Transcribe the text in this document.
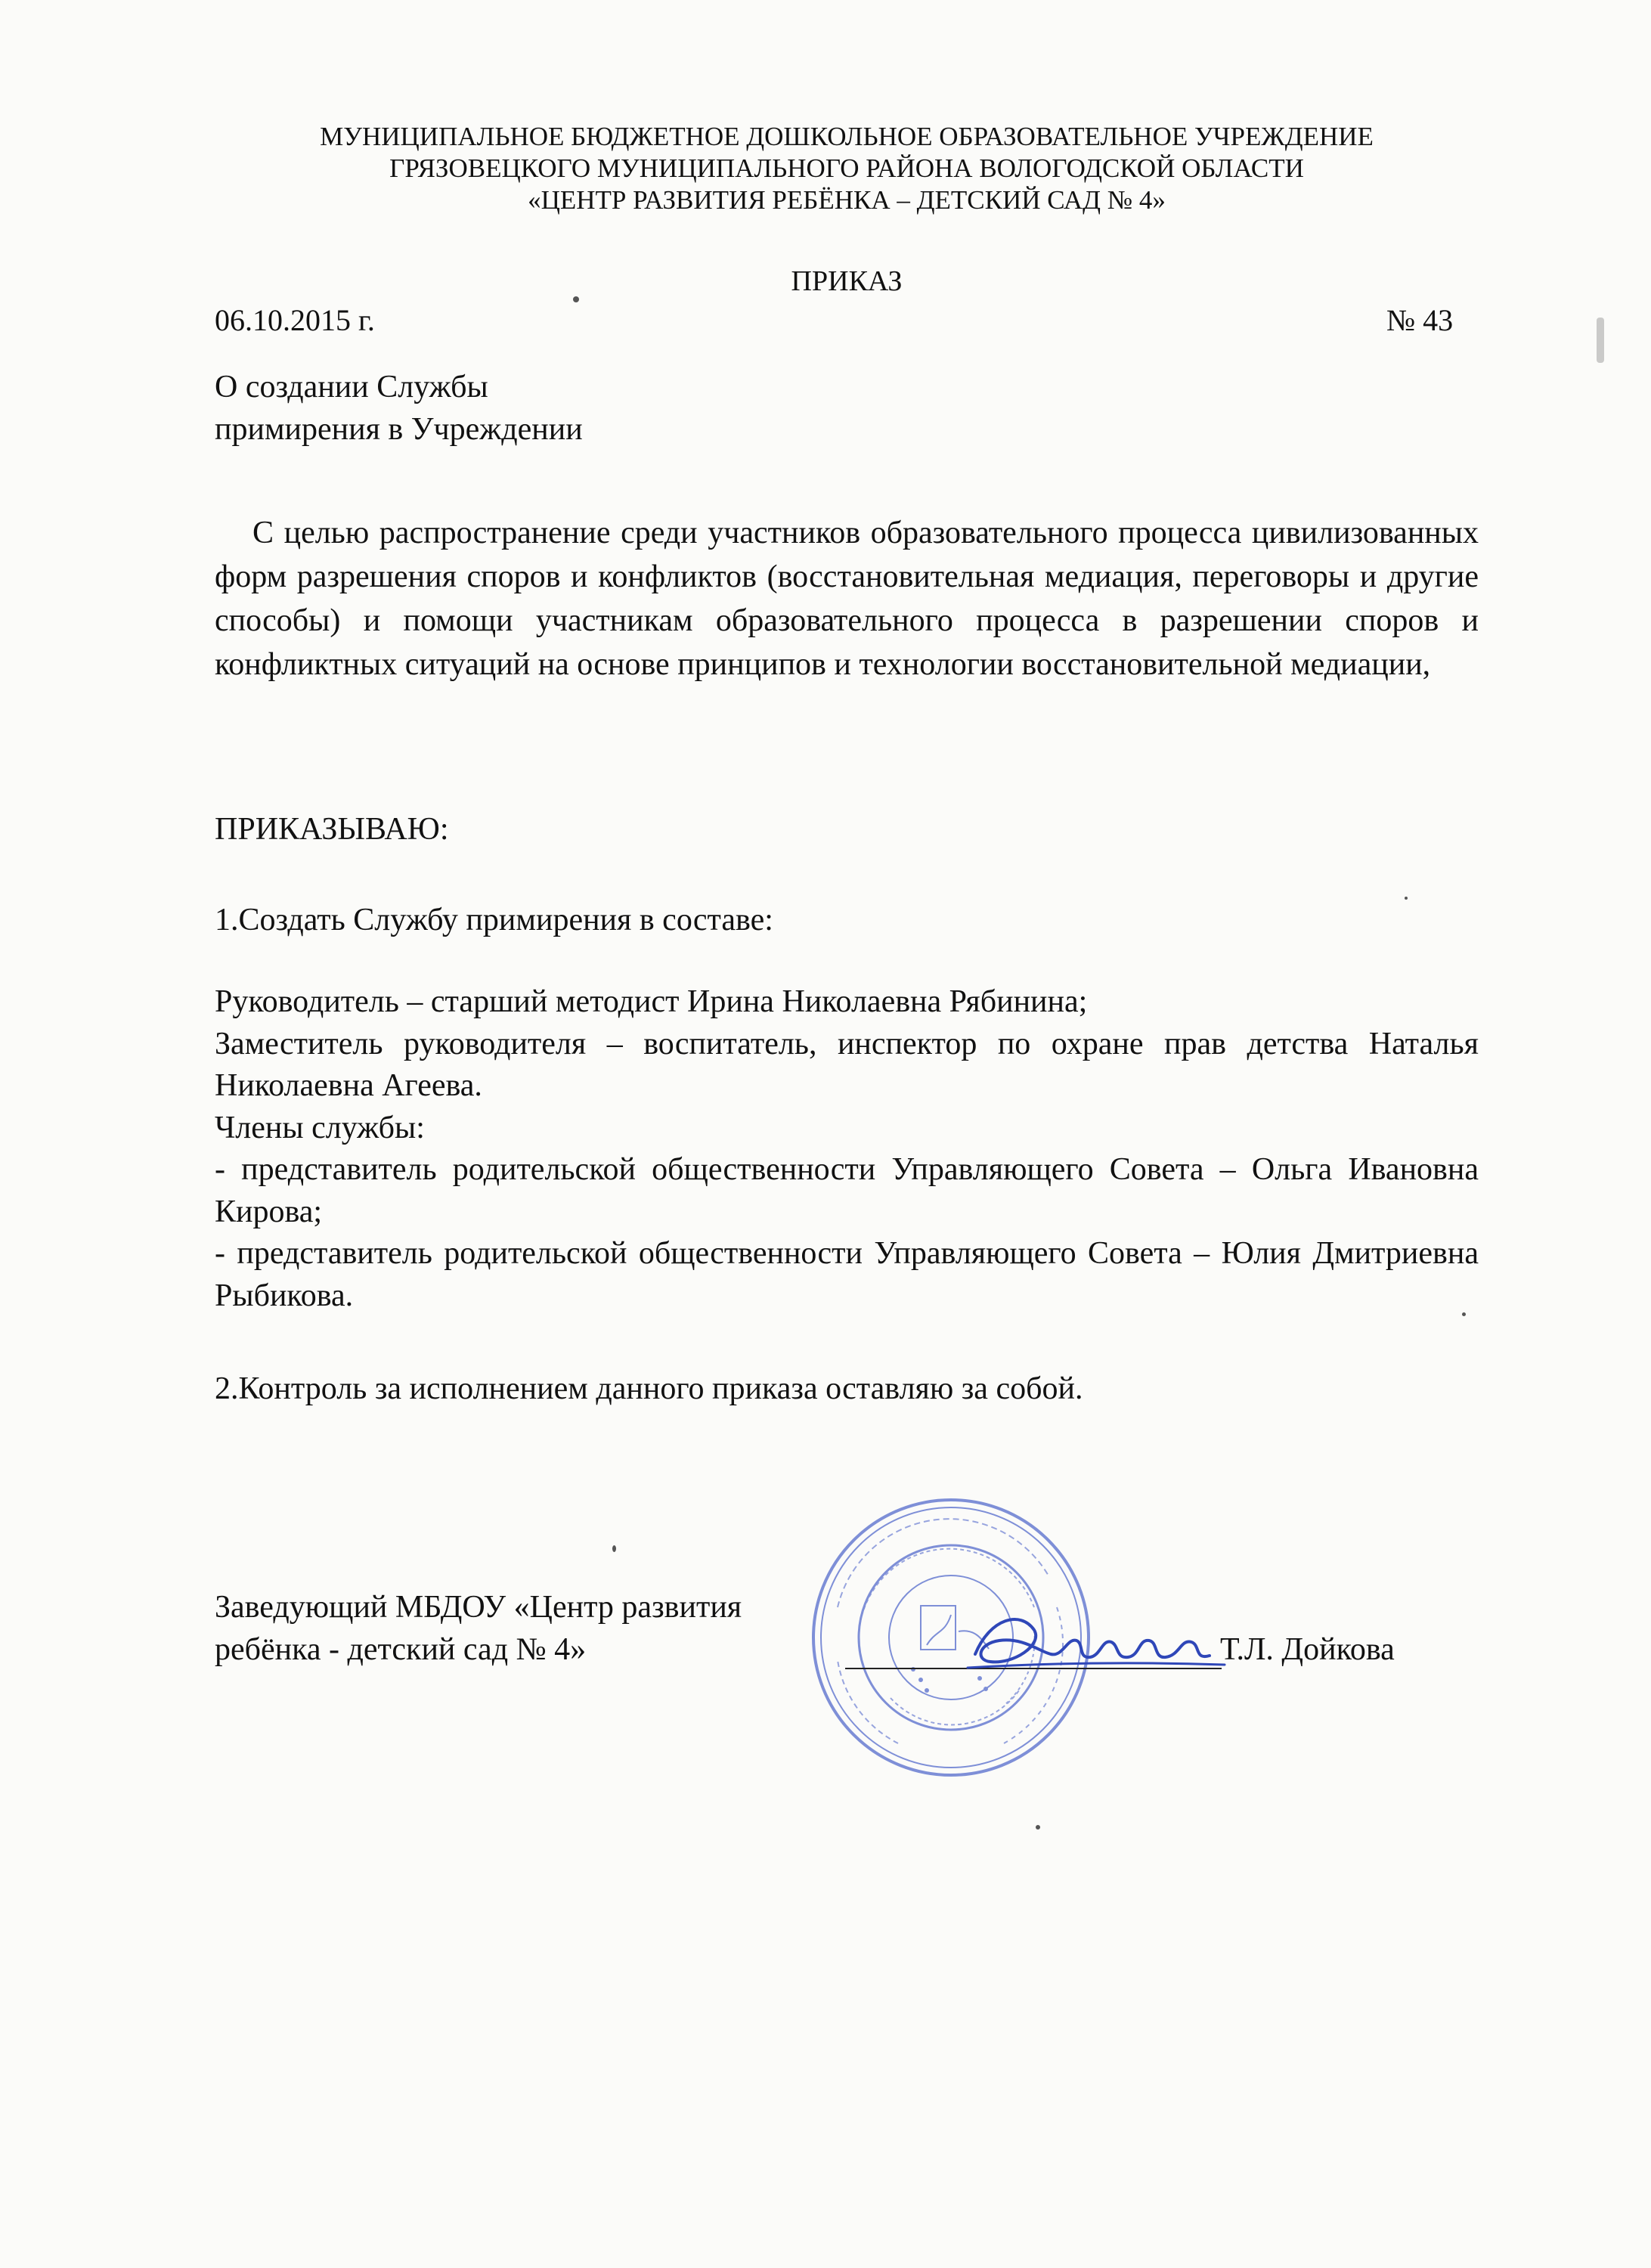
МУНИЦИПАЛЬНОЕ БЮДЖЕТНОЕ ДОШКОЛЬНОЕ ОБРАЗОВАТЕЛЬНОЕ УЧРЕЖДЕНИЕ
ГРЯЗОВЕЦКОГО МУНИЦИПАЛЬНОГО РАЙОНА ВОЛОГОДСКОЙ ОБЛАСТИ
«ЦЕНТР РАЗВИТИЯ РЕБЁНКА – ДЕТСКИЙ САД № 4»
ПРИКАЗ
06.10.2015 г.	№ 43
О создании Службы
примирения в Учреждении

С целью распространение среди участников образовательного процесса цивилизованных форм разрешения споров и конфликтов (восстановительная медиация, переговоры и другие способы) и помощи участникам образовательного процесса в разрешении споров и конфликтных ситуаций на основе принципов и технологии восстановительной медиации,

ПРИКАЗЫВАЮ:
1.Создать Службу примирения в составе:

Руководитель – старший методист Ирина Николаевна Рябинина;

Заместитель руководителя – воспитатель, инспектор по охране прав детства Наталья Николаевна Агеева.

Члены службы:

- представитель родительской общественности Управляющего Совета – Ольга Ивановна Кирова;

- представитель родительской общественности Управляющего Совета – Юлия Дмитриевна Рыбикова.

2.Контроль за исполнением данного приказа оставляю за собой.
Заведующий МБДОУ «Центр развития
ребёнка - детский сад № 4»	Т.Л. Дойкова
